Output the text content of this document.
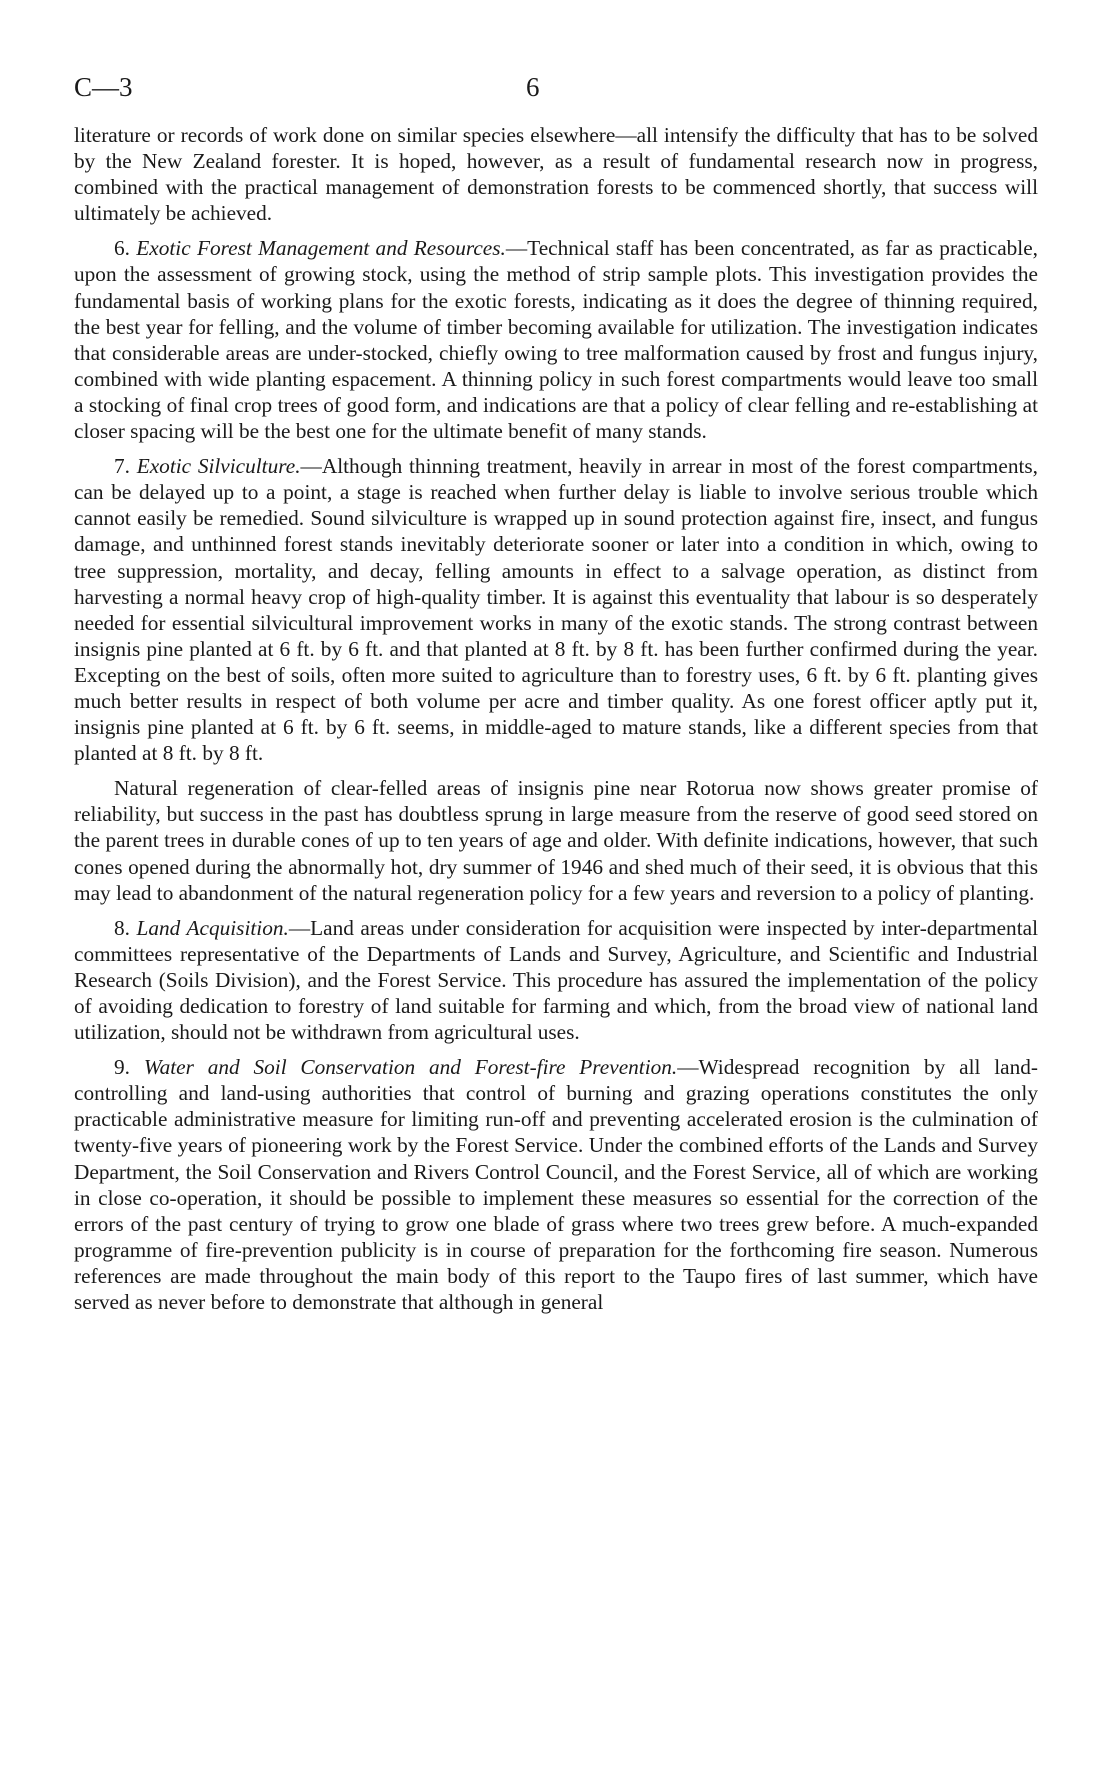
C—3	6

literature or records of work done on similar species elsewhere—all intensify the difficulty that has to be solved by the New Zealand forester. It is hoped, however, as a result of fundamental research now in progress, combined with the practical management of demonstration forests to be commenced shortly, that success will ultimately be achieved.

6. Exotic Forest Management and Resources.—Technical staff has been concentrated, as far as practicable, upon the assessment of growing stock, using the method of strip sample plots. This investigation provides the fundamental basis of working plans for the exotic forests, indicating as it does the degree of thinning required, the best year for felling, and the volume of timber becoming available for utilization. The investigation indicates that considerable areas are under-stocked, chiefly owing to tree malformation caused by frost and fungus injury, combined with wide planting espacement. A thinning policy in such forest compartments would leave too small a stocking of final crop trees of good form, and indications are that a policy of clear felling and re-establishing at closer spacing will be the best one for the ultimate benefit of many stands.

7. Exotic Silviculture.—Although thinning treatment, heavily in arrear in most of the forest compartments, can be delayed up to a point, a stage is reached when further delay is liable to involve serious trouble which cannot easily be remedied. Sound silviculture is wrapped up in sound protection against fire, insect, and fungus damage, and unthinned forest stands inevitably deteriorate sooner or later into a condition in which, owing to tree suppression, mortality, and decay, felling amounts in effect to a salvage operation, as distinct from harvesting a normal heavy crop of high-quality timber. It is against this eventuality that labour is so desperately needed for essential silvicultural improvement works in many of the exotic stands. The strong contrast between insignis pine planted at 6 ft. by 6 ft. and that planted at 8 ft. by 8 ft. has been further confirmed during the year. Excepting on the best of soils, often more suited to agriculture than to forestry uses, 6 ft. by 6 ft. planting gives much better results in respect of both volume per acre and timber quality. As one forest officer aptly put it, insignis pine planted at 6 ft. by 6 ft. seems, in middle-aged to mature stands, like a different species from that planted at 8 ft. by 8 ft.

Natural regeneration of clear-felled areas of insignis pine near Rotorua now shows greater promise of reliability, but success in the past has doubtless sprung in large measure from the reserve of good seed stored on the parent trees in durable cones of up to ten years of age and older. With definite indications, however, that such cones opened during the abnormally hot, dry summer of 1946 and shed much of their seed, it is obvious that this may lead to abandonment of the natural regeneration policy for a few years and reversion to a policy of planting.

8. Land Acquisition.—Land areas under consideration for acquisition were inspected by inter-departmental committees representative of the Departments of Lands and Survey, Agriculture, and Scientific and Industrial Research (Soils Division), and the Forest Service. This procedure has assured the implementation of the policy of avoiding dedication to forestry of land suitable for farming and which, from the broad view of national land utilization, should not be withdrawn from agricultural uses.

9. Water and Soil Conservation and Forest-fire Prevention.—Widespread recognition by all land-controlling and land-using authorities that control of burning and grazing operations constitutes the only practicable administrative measure for limiting run-off and preventing accelerated erosion is the culmination of twenty-five years of pioneering work by the Forest Service. Under the combined efforts of the Lands and Survey Department, the Soil Conservation and Rivers Control Council, and the Forest Service, all of which are working in close co-operation, it should be possible to implement these measures so essential for the correction of the errors of the past century of trying to grow one blade of grass where two trees grew before. A much-expanded programme of fire-prevention publicity is in course of preparation for the forthcoming fire season. Numerous references are made throughout the main body of this report to the Taupo fires of last summer, which have served as never before to demonstrate that although in general
